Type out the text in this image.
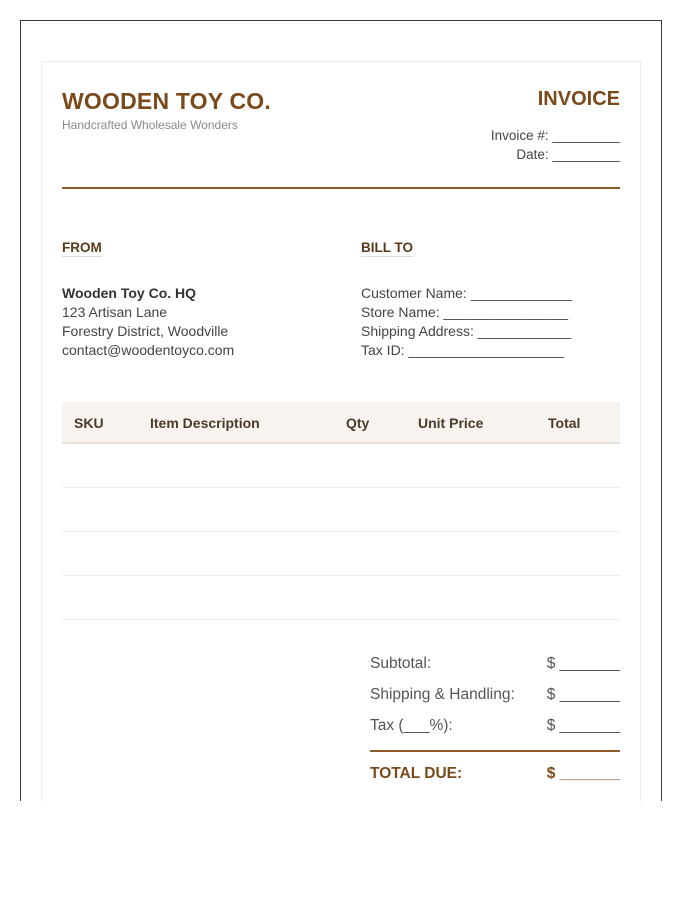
WOODEN TOY CO.
Handcrafted Wholesale Wonders
INVOICE
Invoice #: _________
Date: _________
FROM	BILL TO
Wooden Toy Co. HQ
123 Artisan Lane
Forestry District, Woodville
contact@woodentoyco.com
Customer Name: _____________
Store Name: ________________
Shipping Address: ____________
Tax ID: ____________________
SKU	Item Description	Qty	Unit Price	Total
Subtotal:	$ _______
Shipping & Handling: $ _______
Tax (___%):	$ _______
TOTAL DUE:	$ _______
